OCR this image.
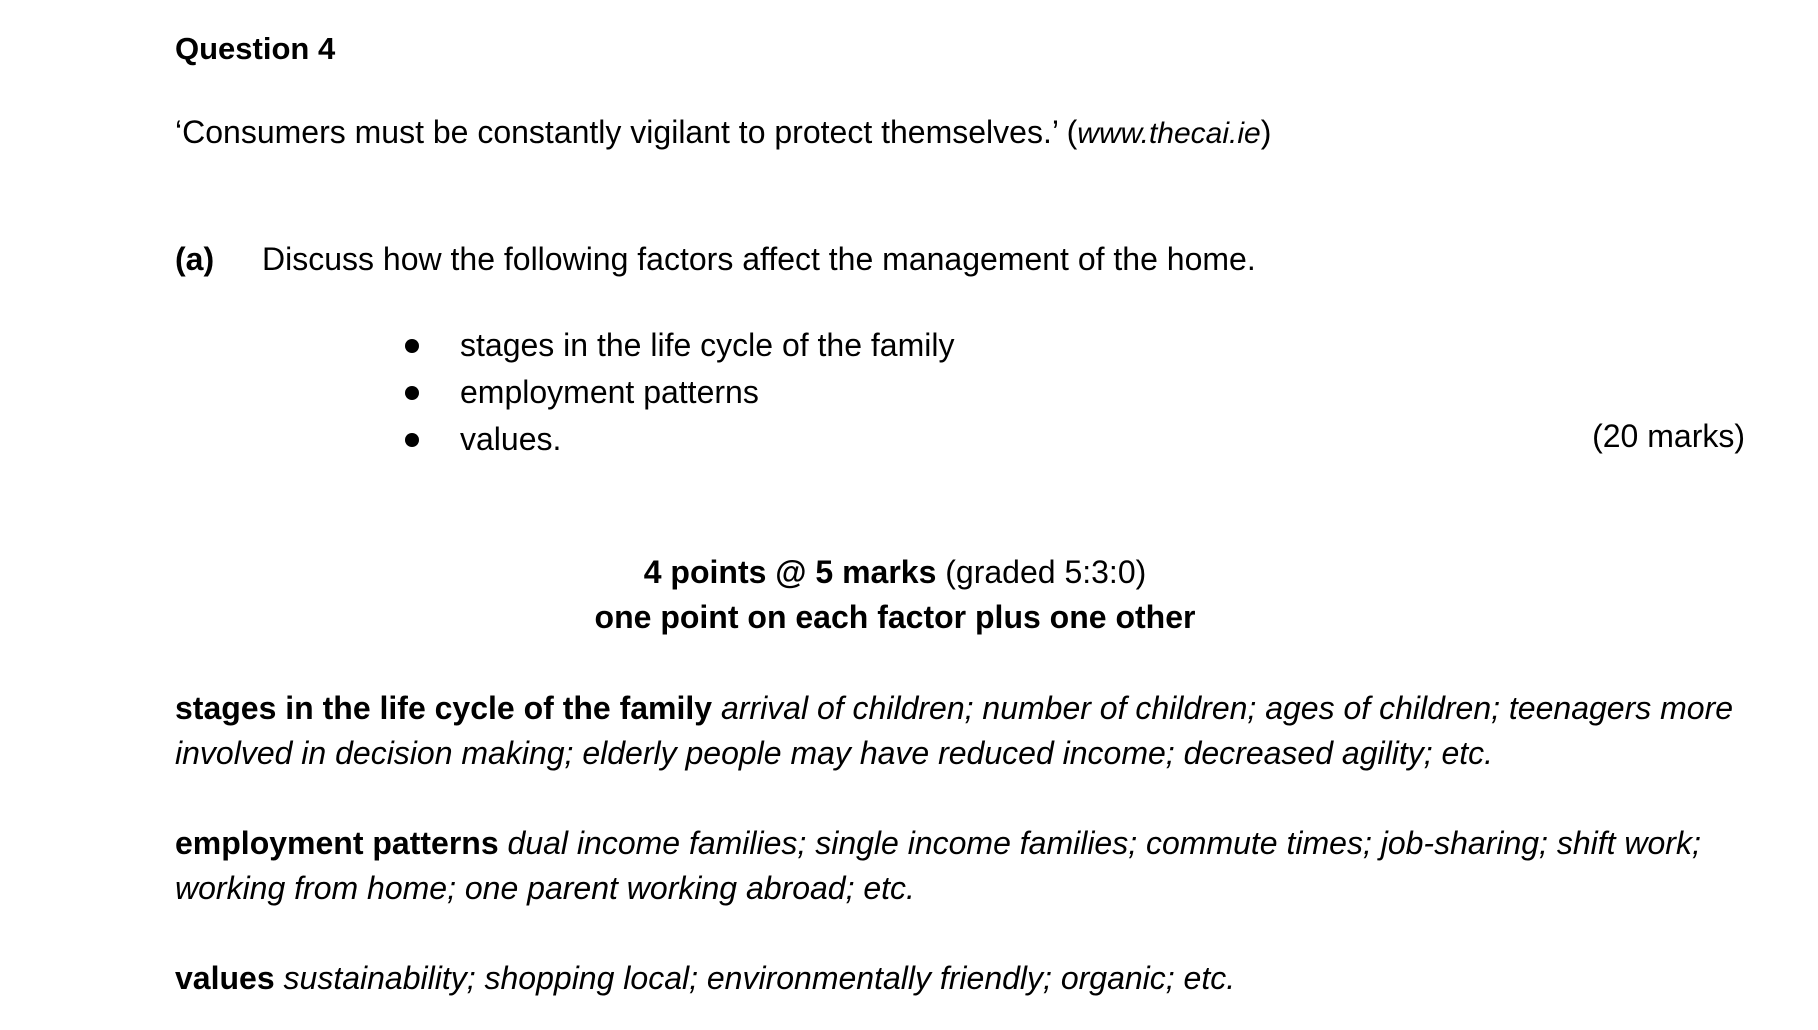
Question 4
‘Consumers must be constantly vigilant to protect themselves.’ (www.thecai.ie)
(a) Discuss how the following factors affect the management of the home.
stages in the life cycle of the family
employment patterns
values.	(20 marks)
4 points @ 5 marks (graded 5:3:0)
one point on each factor plus one other
stages in the life cycle of the family arrival of children; number of children; ages of children; teenagers more involved in decision making; elderly people may have reduced income; decreased agility; etc.
employment patterns dual income families; single income families; commute times; job-sharing; shift work; working from home; one parent working abroad; etc.
values sustainability; shopping local; environmentally friendly; organic; etc.
